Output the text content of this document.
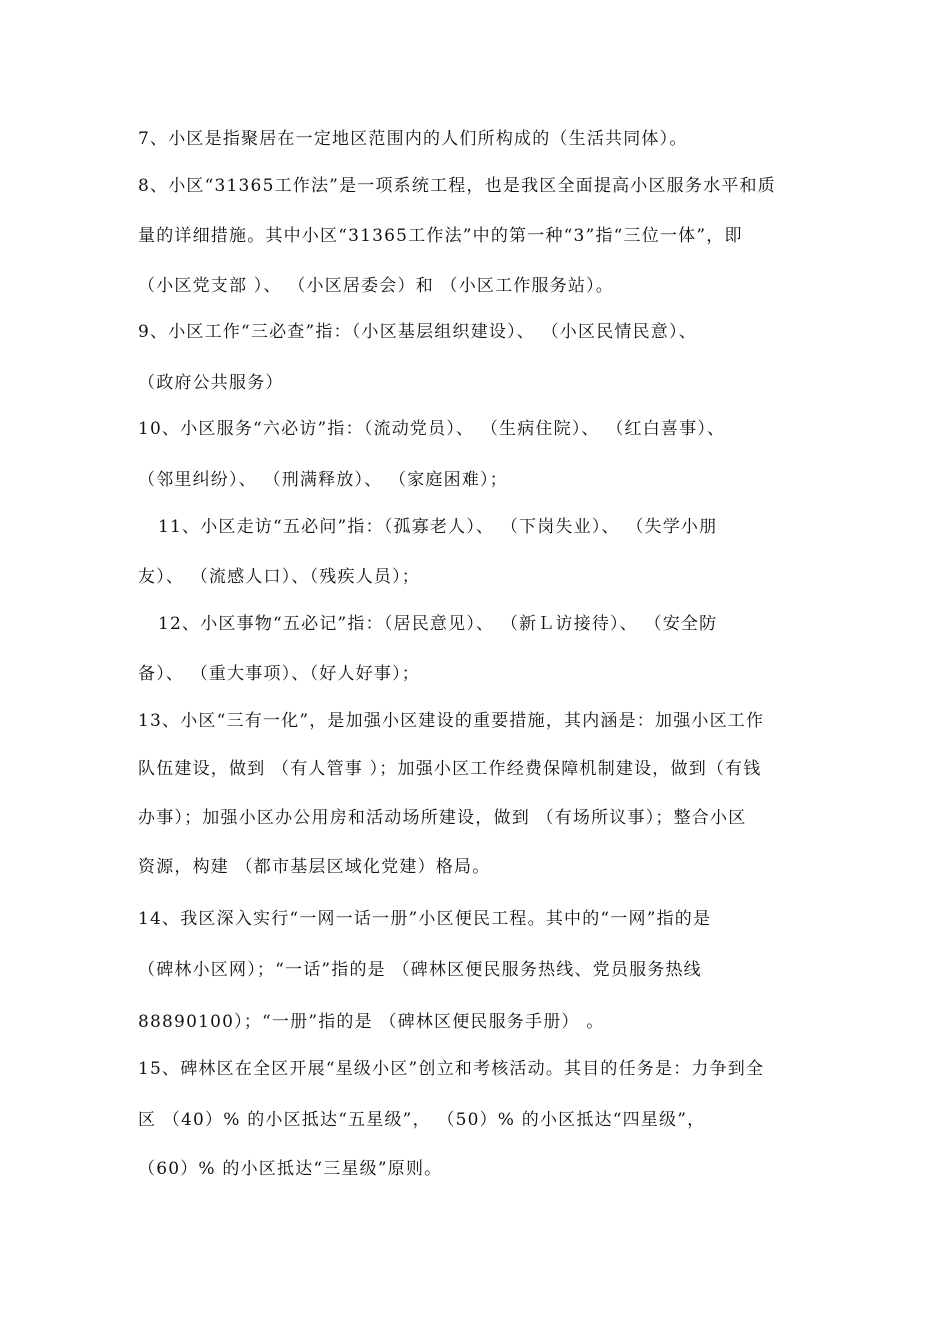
7、小区是指聚居在一定地区范围内的人们所构成的（生活共同体）。
8、小区“31365工作法”是一项系统工程，也是我区全面提高小区服务水平和质
量的详细措施。其中小区“31365工作法”中的第一种“3”指“三位一体”，即
（小区党支部 ）、 （小区居委会）和 （小区工作服务站）。
9、小区工作“三必查”指：（小区基层组织建设）、 （小区民情民意）、
（政府公共服务）
10、小区服务“六必访”指：（流动党员）、 （生病住院）、 （红白喜事）、
（邻里纠纷）、 （刑满释放）、 （家庭困难）；
11、小区走访“五必问”指：（孤寡老人）、 （下岗失业）、 （失学小朋
友）、 （流感人口）、（残疾人员）；
12、小区事物“五必记”指：（居民意见）、 （新Ｌ访接待）、 （安全防
备）、 （重大事项）、（好人好事）；
13、小区“三有一化”，是加强小区建设的重要措施，其内涵是：加强小区工作
队伍建设，做到 （有人管事 ）；加强小区工作经费保障机制建设，做到（有钱
办事）；加强小区办公用房和活动场所建设，做到 （有场所议事）；整合小区
资源，构建 （都市基层区域化党建）格局。
14、我区深入实行“一网一话一册”小区便民工程。其中的“一网”指的是
（碑林小区网）；“一话”指的是 （碑林区便民服务热线、党员服务热线
88890100）；“一册”指的是 （碑林区便民服务手册） 。
15、碑林区在全区开展“星级小区”创立和考核活动。其目的任务是：力争到全
区 （40）% 的小区抵达“五星级”， （50）% 的小区抵达“四星级”，
（60）% 的小区抵达“三星级”原则。
